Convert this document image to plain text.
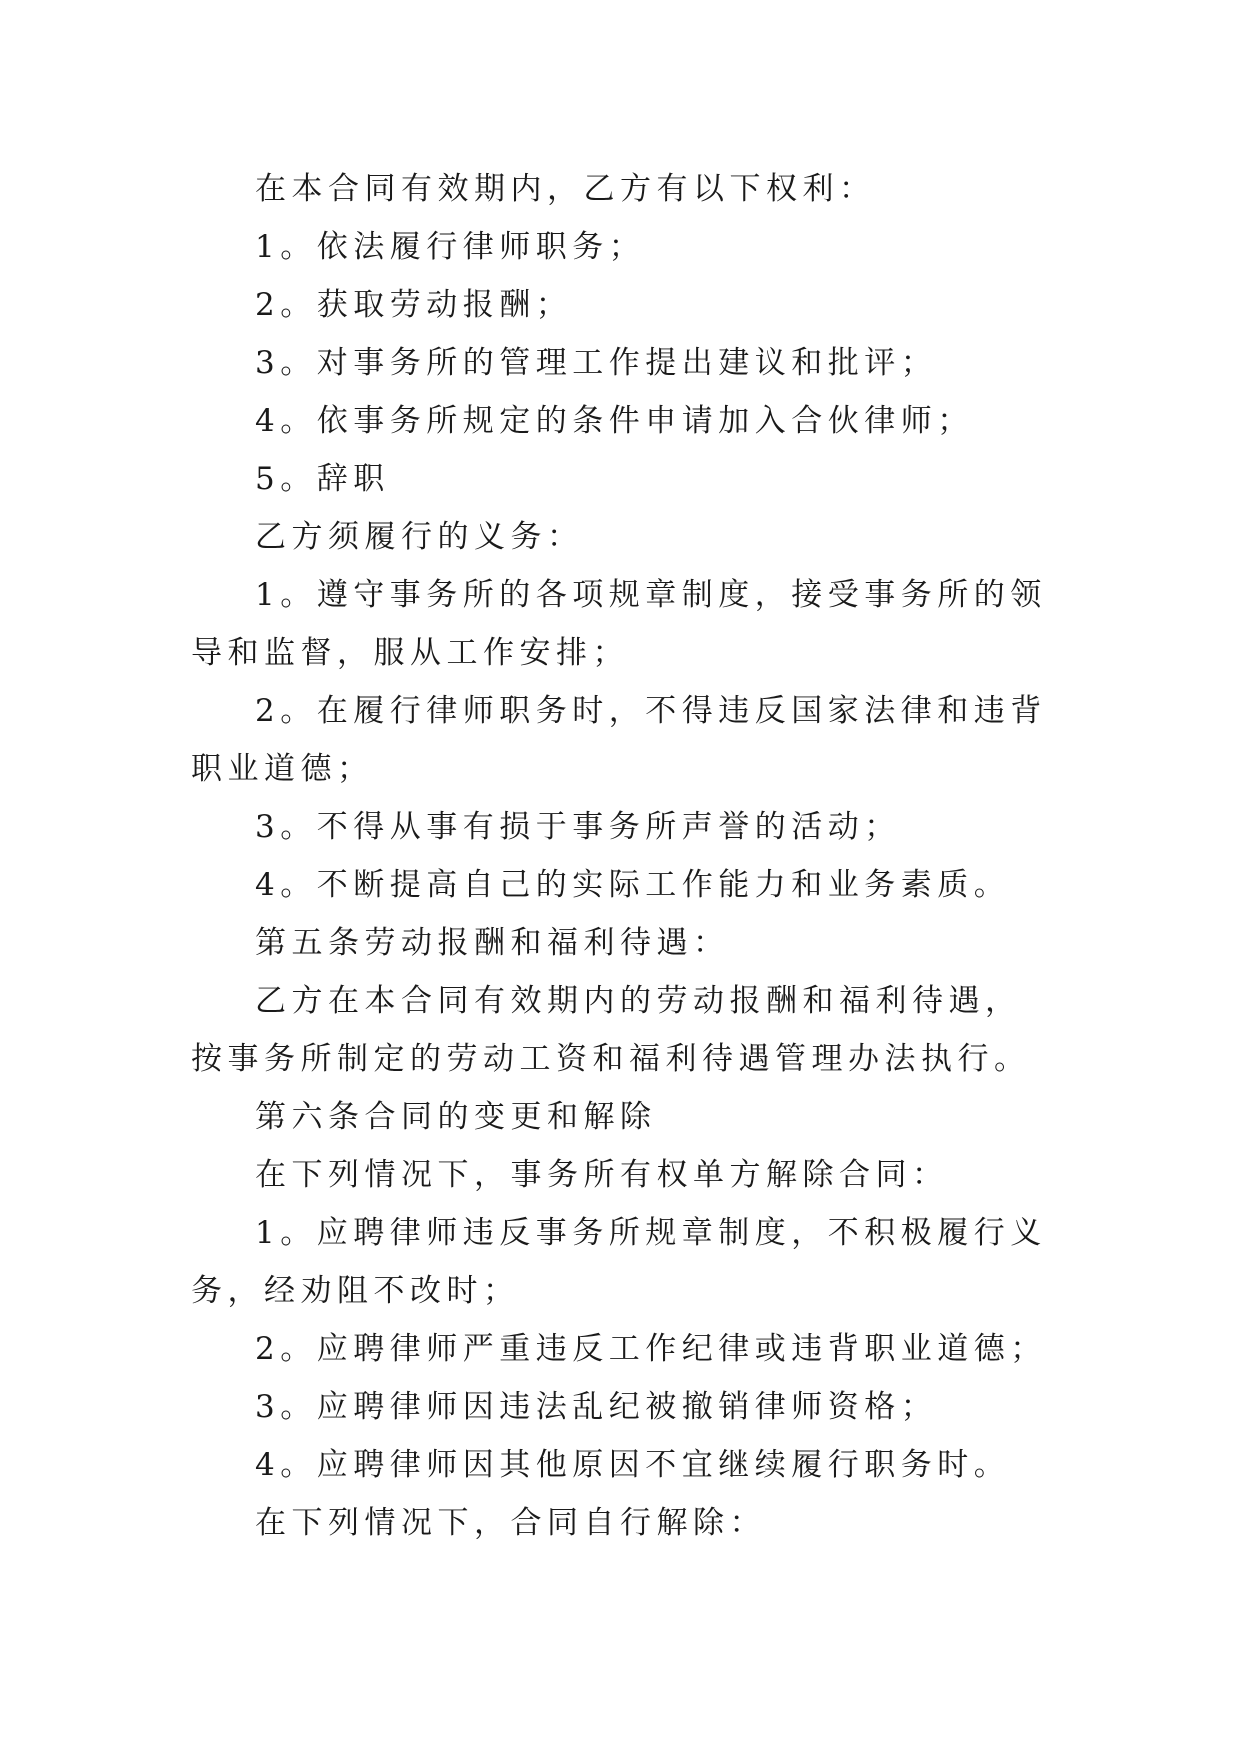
在本合同有效期内，乙方有以下权利：

1。依法履行律师职务；

2。获取劳动报酬；

3。对事务所的管理工作提出建议和批评；

4。依事务所规定的条件申请加入合伙律师；

5。辞职

乙方须履行的义务：

1。遵守事务所的各项规章制度，接受事务所的领导和监督，服从工作安排；

2。在履行律师职务时，不得违反国家法律和违背职业道德；

3。不得从事有损于事务所声誉的活动；

4。不断提高自己的实际工作能力和业务素质。

第五条劳动报酬和福利待遇：

乙方在本合同有效期内的劳动报酬和福利待遇，按事务所制定的劳动工资和福利待遇管理办法执行。

第六条合同的变更和解除

在下列情况下，事务所有权单方解除合同：

1。应聘律师违反事务所规章制度，不积极履行义务，经劝阻不改时；

2。应聘律师严重违反工作纪律或违背职业道德；

3。应聘律师因违法乱纪被撤销律师资格；

4。应聘律师因其他原因不宜继续履行职务时。

在下列情况下，合同自行解除：
